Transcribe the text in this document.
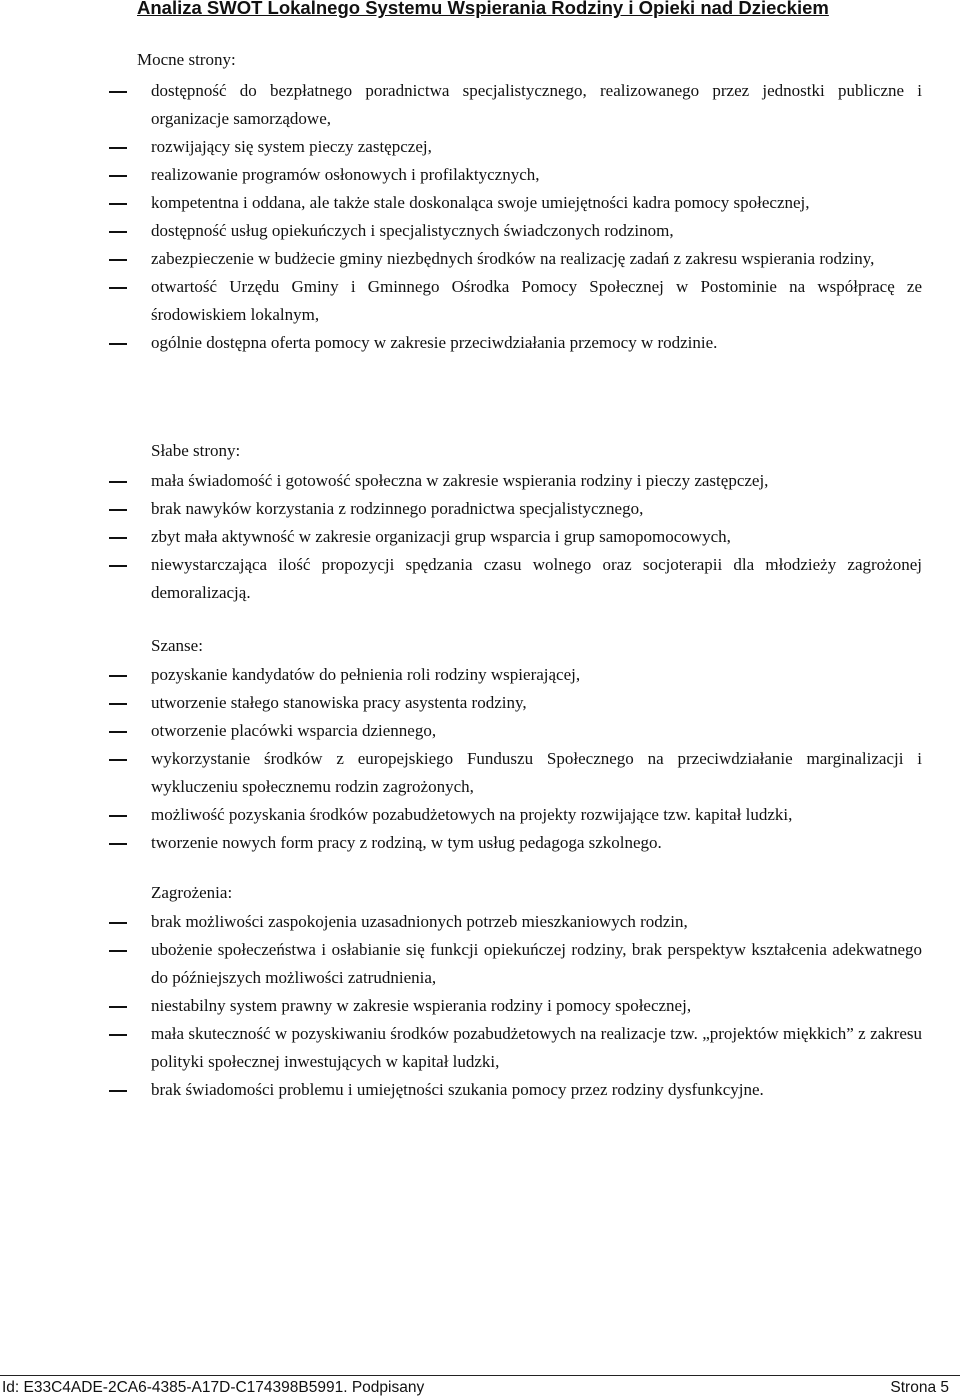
Analiza SWOT Lokalnego Systemu Wspierania Rodziny i Opieki nad Dzieckiem

Mocne strony:

dostępność do bezpłatnego poradnictwa specjalistycznego, realizowanego przez jednostki publiczne i organizacje samorządowe,
rozwijający się system pieczy zastępczej,
realizowanie programów osłonowych i profilaktycznych,
kompetentna i oddana, ale także stale doskonaląca swoje umiejętności kadra pomocy społecznej,
dostępność usług opiekuńczych i specjalistycznych świadczonych rodzinom,
zabezpieczenie w budżecie gminy niezbędnych środków na realizację zadań z zakresu wspierania rodziny,
otwartość Urzędu Gminy i Gminnego Ośrodka Pomocy Społecznej w Postominie na współpracę ze środowiskiem lokalnym,
ogólnie dostępna oferta pomocy w zakresie przeciwdziałania przemocy w rodzinie.

Słabe strony:

mała świadomość i gotowość społeczna w zakresie wspierania rodziny i pieczy zastępczej,
brak nawyków korzystania z rodzinnego poradnictwa specjalistycznego,
zbyt mała aktywność w zakresie organizacji grup wsparcia i grup samopomocowych,
niewystarczająca ilość propozycji spędzania czasu wolnego oraz socjoterapii dla młodzieży zagrożonej demoralizacją.

Szanse:

pozyskanie kandydatów do pełnienia roli rodziny wspierającej,
utworzenie stałego stanowiska pracy asystenta rodziny,
otworzenie placówki wsparcia dziennego,
wykorzystanie środków z europejskiego Funduszu Społecznego na przeciwdziałanie marginalizacji i wykluczeniu społecznemu rodzin zagrożonych,
możliwość pozyskania środków pozabudżetowych na projekty rozwijające tzw. kapitał ludzki,
tworzenie nowych form pracy z rodziną, w tym usług pedagoga szkolnego.

Zagrożenia:

brak możliwości zaspokojenia uzasadnionych potrzeb mieszkaniowych rodzin,
ubożenie społeczeństwa i osłabianie się funkcji opiekuńczej rodziny, brak perspektyw kształcenia adekwatnego do późniejszych możliwości zatrudnienia,
niestabilny system prawny w zakresie wspierania rodziny i pomocy społecznej,
mała skuteczność w pozyskiwaniu środków pozabudżetowych na realizacje tzw. „projektów miękkich” z zakresu polityki społecznej inwestujących w kapitał ludzki,
brak świadomości problemu i umiejętności szukania pomocy przez rodziny dysfunkcyjne.
Id: E33C4ADE-2CA6-4385-A17D-C174398B5991. Podpisany	Strona 5
